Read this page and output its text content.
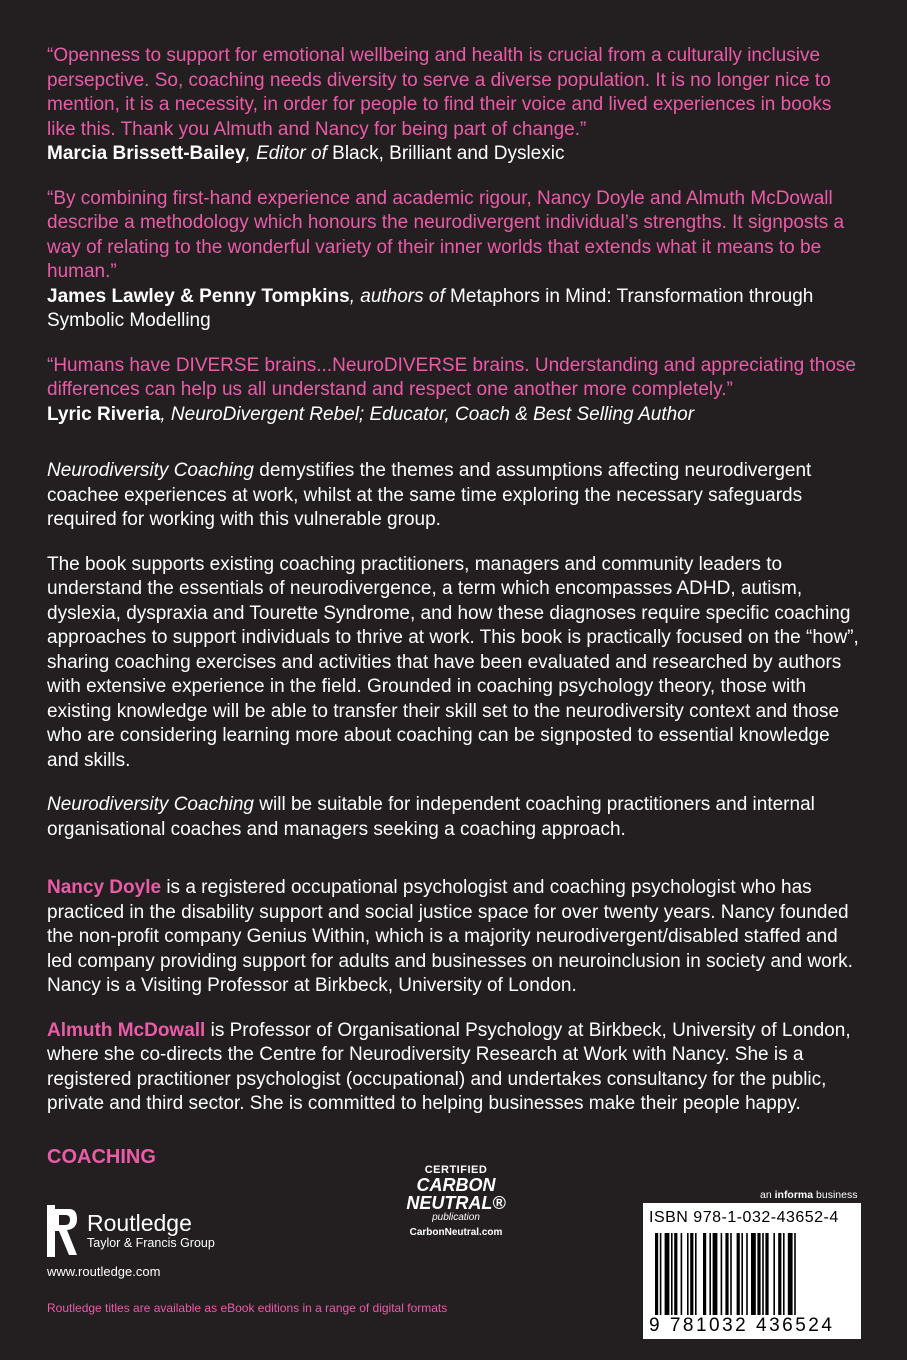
“Openness to support for emotional wellbeing and health is crucial from a culturally inclusive persepctive. So, coaching needs diversity to serve a diverse population. It is no longer nice to mention, it is a necessity, in order for people to find their voice and lived experiences in books like this. Thank you Almuth and Nancy for being part of change.”
Marcia Brissett-Bailey, Editor of Black, Brilliant and Dyslexic
“By combining first-hand experience and academic rigour, Nancy Doyle and Almuth McDowall describe a methodology which honours the neurodivergent individual’s strengths. It signposts a way of relating to the wonderful variety of their inner worlds that extends what it means to be human.”
James Lawley & Penny Tompkins, authors of Metaphors in Mind: Transformation through Symbolic Modelling
“Humans have DIVERSE brains...NeuroDIVERSE brains. Understanding and appreciating those differences can help us all understand and respect one another more completely.”
Lyric Riveria, NeuroDivergent Rebel; Educator, Coach & Best Selling Author
Neurodiversity Coaching demystifies the themes and assumptions affecting neurodivergent coachee experiences at work, whilst at the same time exploring the necessary safeguards required for working with this vulnerable group.
The book supports existing coaching practitioners, managers and community leaders to understand the essentials of neurodivergence, a term which encompasses ADHD, autism, dyslexia, dyspraxia and Tourette Syndrome, and how these diagnoses require specific coaching approaches to support individuals to thrive at work. This book is practically focused on the “how”, sharing coaching exercises and activities that have been evaluated and researched by authors with extensive experience in the field. Grounded in coaching psychology theory, those with existing knowledge will be able to transfer their skill set to the neurodiversity context and those who are considering learning more about coaching can be signposted to essential knowledge and skills.
Neurodiversity Coaching will be suitable for independent coaching practitioners and internal organisational coaches and managers seeking a coaching approach.
Nancy Doyle is a registered occupational psychologist and coaching psychologist who has practiced in the disability support and social justice space for over twenty years. Nancy founded the non-profit company Genius Within, which is a majority neurodivergent/disabled staffed and led company providing support for adults and businesses on neuroinclusion in society and work. Nancy is a Visiting Professor at Birkbeck, University of London.
Almuth McDowall is Professor of Organisational Psychology at Birkbeck, University of London, where she co-directs the Centre for Neurodiversity Research at Work with Nancy. She is a registered practitioner psychologist (occupational) and undertakes consultancy for the public, private and third sector. She is committed to helping businesses make their people happy.
COACHING
Routledge
Taylor & Francis Group
www.routledge.com
Routledge titles are available as eBook editions in a range of digital formats
CERTIFIED
CARBON
NEUTRAL®
publication
CarbonNeutral.com
an informa business
ISBN 978-1-032-43652-4
9 781032 436524
